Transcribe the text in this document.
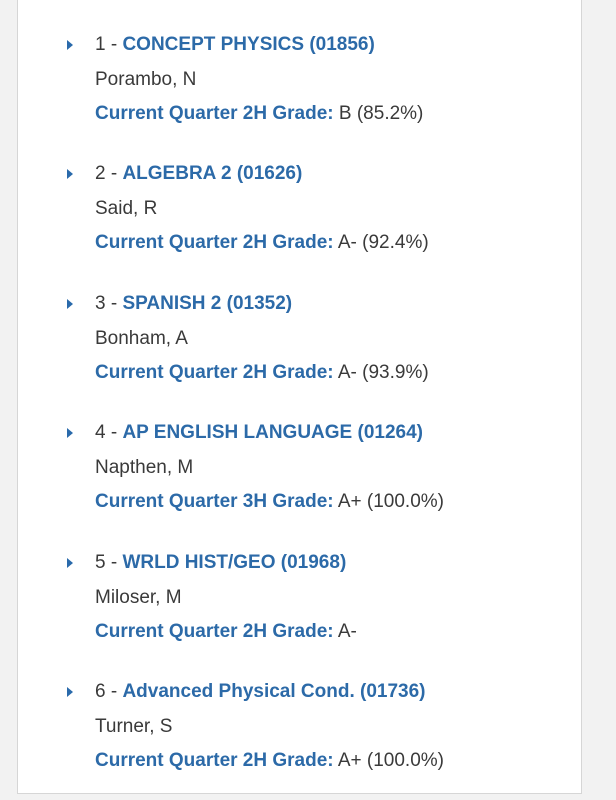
1 - CONCEPT PHYSICS (01856)
Porambo, N
Current Quarter 2H Grade: B (85.2%)
2 - ALGEBRA 2 (01626)
Said, R
Current Quarter 2H Grade: A- (92.4%)
3 - SPANISH 2 (01352)
Bonham, A
Current Quarter 2H Grade: A- (93.9%)
4 - AP ENGLISH LANGUAGE (01264)
Napthen, M
Current Quarter 3H Grade: A+ (100.0%)
5 - WRLD HIST/GEO (01968)
Miloser, M
Current Quarter 2H Grade: A-
6 - Advanced Physical Cond. (01736)
Turner, S
Current Quarter 2H Grade: A+ (100.0%)
